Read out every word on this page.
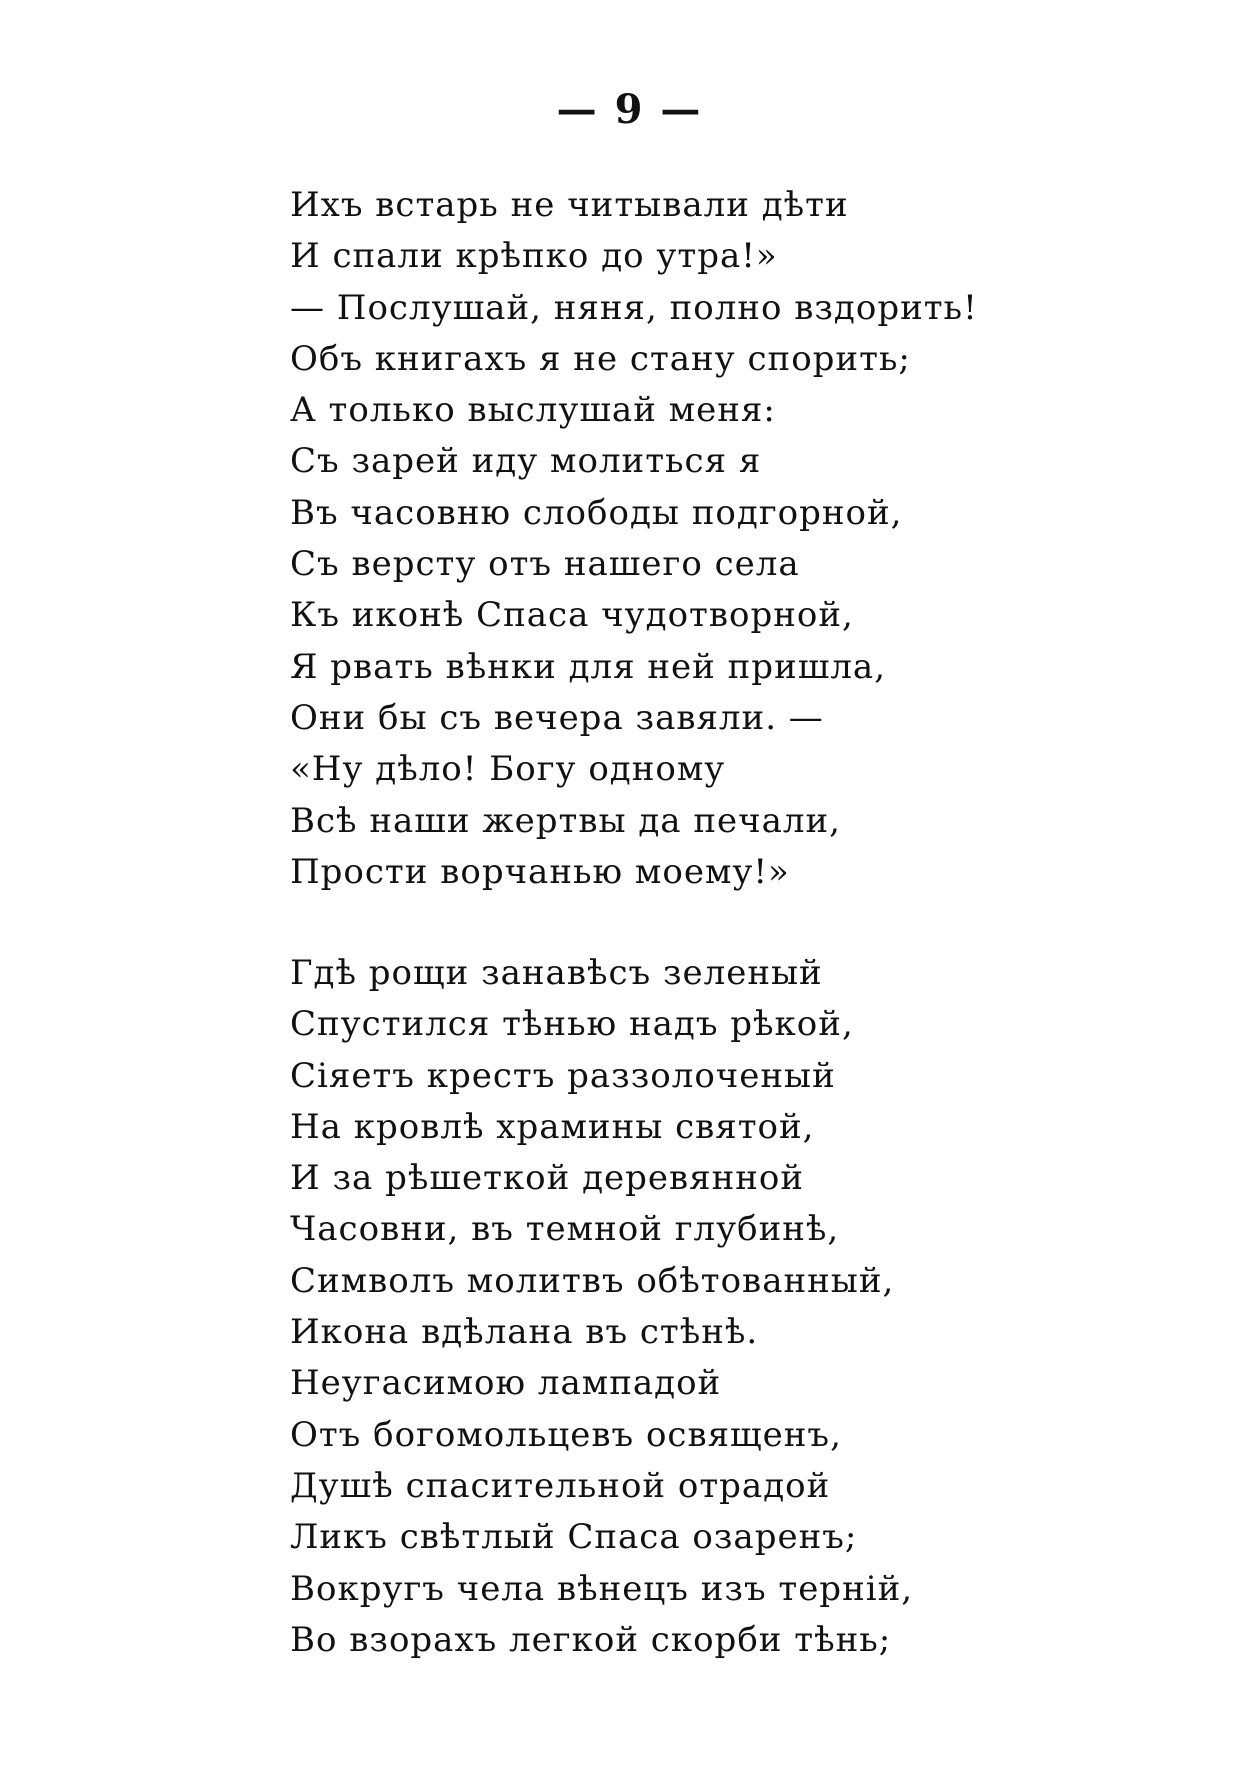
— 9 —
Ихъ встарь не читывали дѣти
И спали крѣпко до утра!»
— Послушай, няня, полно вздорить!
Объ книгахъ я не стану спорить;
А только выслушай меня:
Съ зарей иду молиться я
Въ часовню слободы подгорной,
Съ версту отъ нашего села
Къ иконѣ Спаса чудотворной,
Я рвать вѣнки для ней пришла,
Они бы съ вечера завяли. —
«Ну дѣло! Богу одному
Всѣ наши жертвы да печали,
Прости ворчанью моему!»
Гдѣ рощи занавѣсъ зеленый
Спустился тѣнью надъ рѣкой,
Сіяетъ крестъ раззолоченый
На кровлѣ храмины святой,
И за рѣшеткой деревянной
Часовни, въ темной глубинѣ,
Символъ молитвъ обѣтованный,
Икона вдѣлана въ стѣнѣ.
Неугасимою лампадой
Отъ богомольцевъ освященъ,
Душѣ спасительной отрадой
Ликъ свѣтлый Спаса озаренъ;
Вокругъ чела вѣнецъ изъ терній,
Во взорахъ легкой скорби тѣнь;
